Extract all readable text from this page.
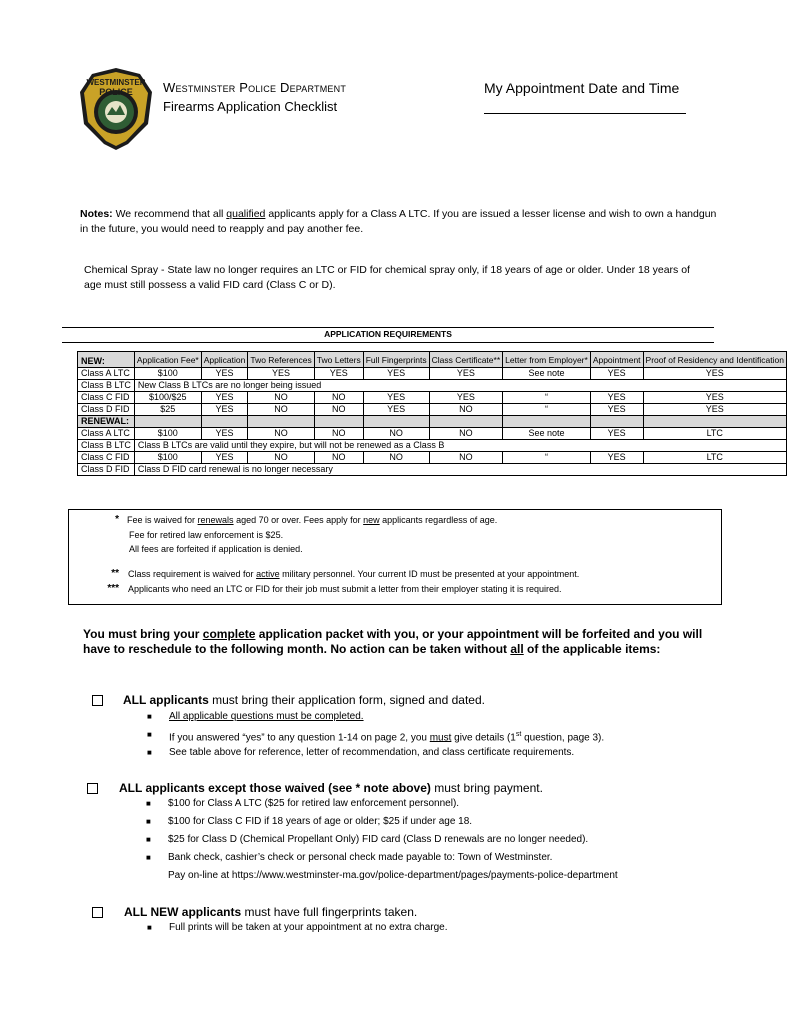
WESTMINSTER
POLICE Westminster Police Department
Firearms Application Checklist
My Appointment Date and Time
Notes: We recommend that all qualified applicants apply for a Class A LTC. If you are issued a lesser license and wish to own a handgun in the future, you would need to reapply and pay another fee.
Chemical Spray - State law no longer requires an LTC or FID for chemical spray only, if 18 years of age or older. Under 18 years of age must still possess a valid FID card (Class C or D).
APPLICATION REQUIREMENTS
NEW:	Application Fee*	Application	Two References	Two Letters	Full Fingerprints	Class Certificate**	Letter from Employer*	Appointment	Proof of Residency and Identification
Class A LTC	$100	YES	YES	YES	YES	YES	See note	YES	YES
Class B LTC	New Class B LTCs are no longer being issued								
Class C FID	$100/$25	YES	NO	NO	YES	YES	“	YES	YES
Class D FID	$25	YES	NO	NO	YES	NO	“	YES	YES
RENEWAL:									
Class A LTC	$100	YES	NO	NO	NO	NO	See note	YES	LTC
Class B LTC	Class B LTCs are valid until they expire, but will not be renewed as a Class B								
Class C FID	$100	YES	NO	NO	NO	NO	“	YES	LTC
Class D FID	Class D FID card renewal is no longer necessary								
* Fee is waived for renewals aged 70 or over. Fees apply for new applicants regardless of age.
Fee for retired law enforcement is $25.
All fees are forfeited if application is denied.
** Class requirement is waived for active military personnel. Your current ID must be presented at your appointment.
*** Applicants who need an LTC or FID for their job must submit a letter from their employer stating it is required.
You must bring your complete application packet with you, or your appointment will be forfeited and you will have to reschedule to the following month. No action can be taken without all of the applicable items:
ALL applicants must bring their application form, signed and dated.
■ All applicable questions must be completed.
■ If you answered “yes” to any question 1-14 on page 2, you must give details (1st question, page 3).
■ See table above for reference, letter of recommendation, and class certificate requirements.
ALL applicants except those waived (see * note above) must bring payment.
■ $100 for Class A LTC ($25 for retired law enforcement personnel).
■ $100 for Class C FID if 18 years of age or older; $25 if under age 18.
■ $25 for Class D (Chemical Propellant Only) FID card (Class D renewals are no longer needed).
■ Bank check, cashier’s check or personal check made payable to: Town of Westminster.
Pay on-line at https://www.westminster-ma.gov/police-department/pages/payments-police-department
ALL NEW applicants must have full fingerprints taken.
■ Full prints will be taken at your appointment at no extra charge.
